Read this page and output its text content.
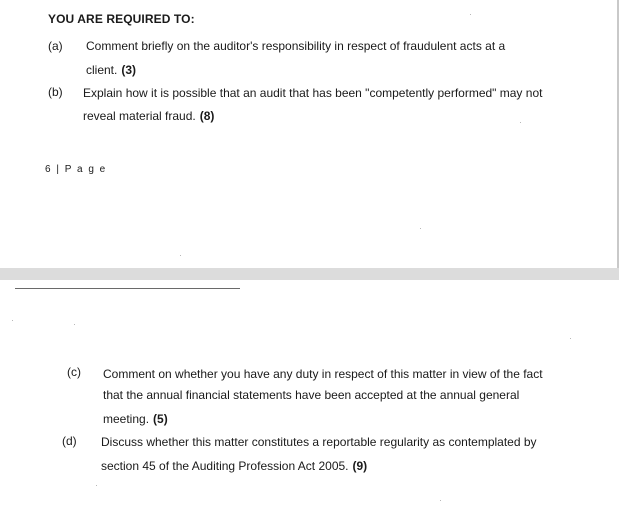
YOU ARE REQUIRED TO:
(a) Comment briefly on the auditor's responsibility in respect of fraudulent acts at a
client. (3)
(b) Explain how it is possible that an audit that has been "competently performed" may not
reveal material fraud. (8)
6 | P a g e
(c) Comment on whether you have any duty in respect of this matter in view of the fact
that the annual financial statements have been accepted at the annual general
meeting. (5)
(d) Discuss whether this matter constitutes a reportable regularity as contemplated by
section 45 of the Auditing Profession Act 2005. (9)
